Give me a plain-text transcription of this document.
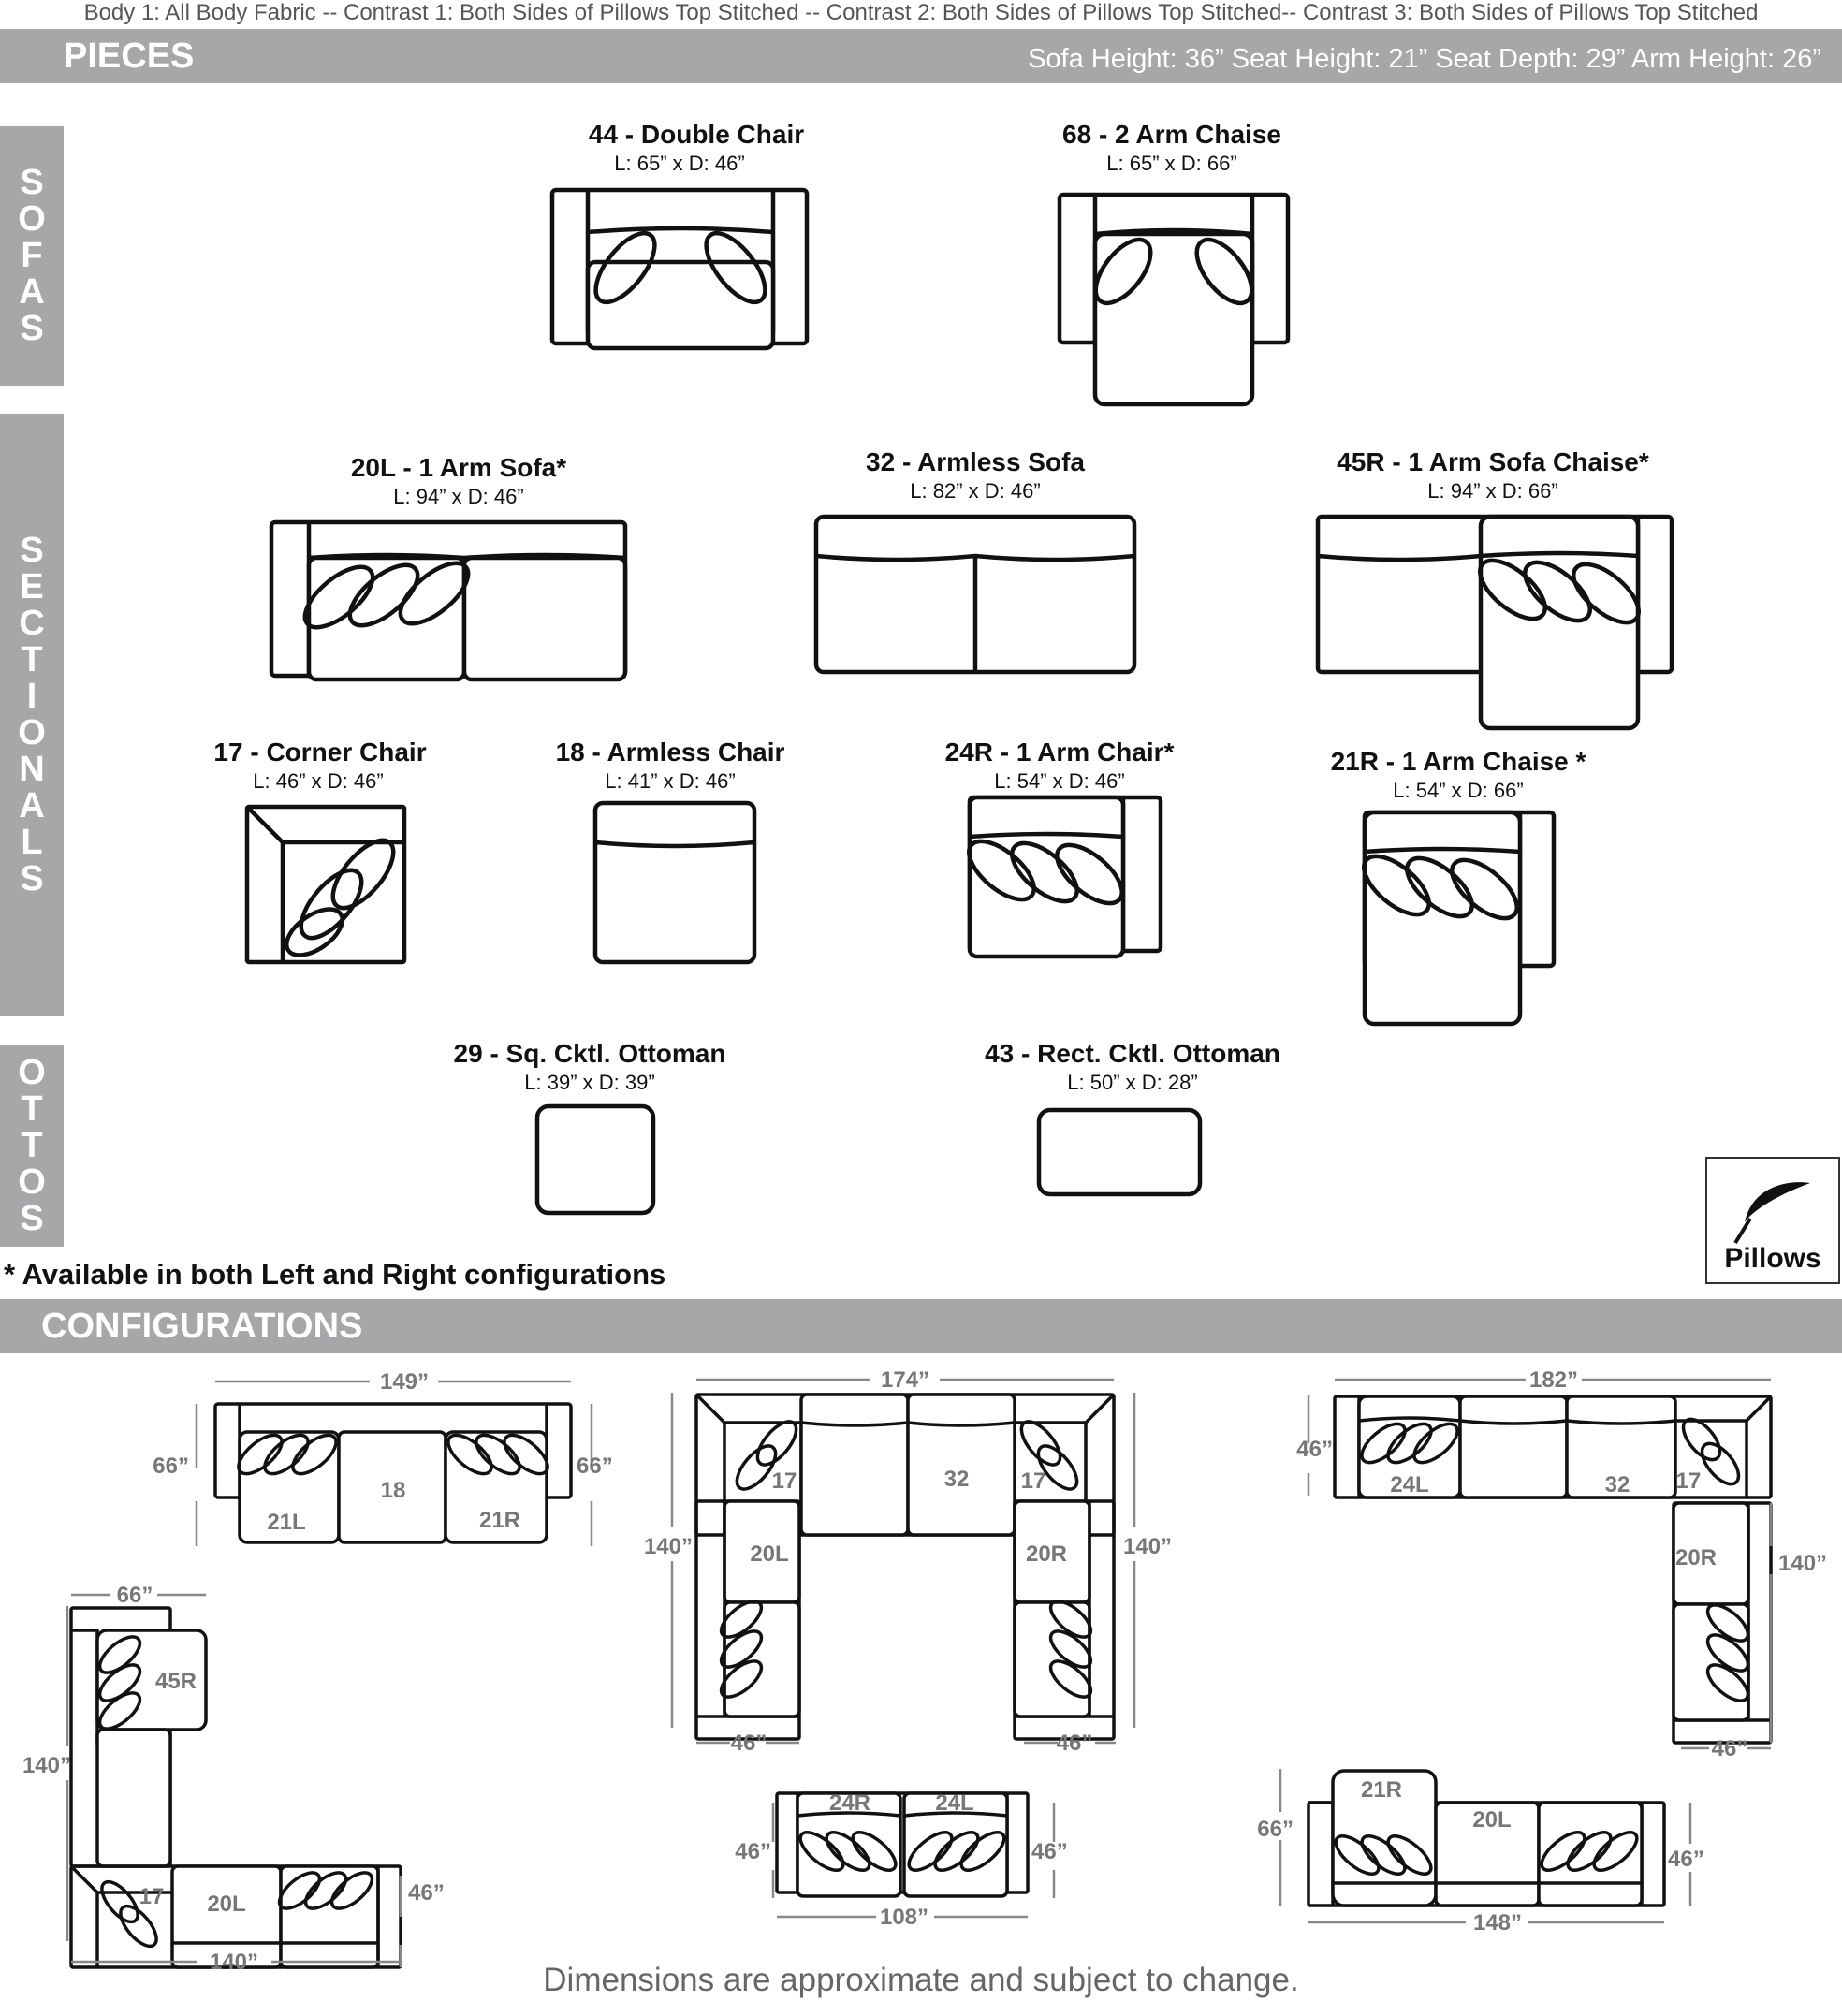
Body 1: All Body Fabric -- Contrast 1: Both Sides of Pillows Top Stitched -- Contrast 2: Both Sides of Pillows Top Stitched-- Contrast 3: Both Sides of Pillows Top Stitched
PIECES	Sofa Height: 36” Seat Height: 21” Seat Depth: 29” Arm Height: 26”
S
O
F
A
S
S
E
C
T
I
O
N
A
L
S
O
T
T
O
S
44 - Double Chair
L: 65” x D: 46”
68 - 2 Arm Chaise
L: 65” x D: 66”
20L - 1 Arm Sofa*
L: 94” x D: 46”
32 - Armless Sofa
L: 82” x D: 46”
45R - 1 Arm Sofa Chaise*
L: 94” x D: 66”
17 - Corner Chair
L: 46” x D: 46”
18 - Armless Chair
L: 41” x D: 46”
24R - 1 Arm Chair*
L: 54” x D: 46”
21R - 1 Arm Chaise *
L: 54” x D: 66”
29 - Sq. Cktl. Ottoman
L: 39” x D: 39”
43 - Rect. Cktl. Ottoman
L: 50” x D: 28”
* Available in both Left and Right configurations	Pillows
CONFIGURATIONS
149”
66”	66”
21L
18
21R
174”
140”	140”
17	32 17
20L	20R
46”	46”
182”
46”
24L	32 17
20R	140”
46”
66”
140”
45R
17 20L	46”
140”
46”	46”
24R	24L
108”
66”
46”
21R
20L
148”
Dimensions are approximate and subject to change.
